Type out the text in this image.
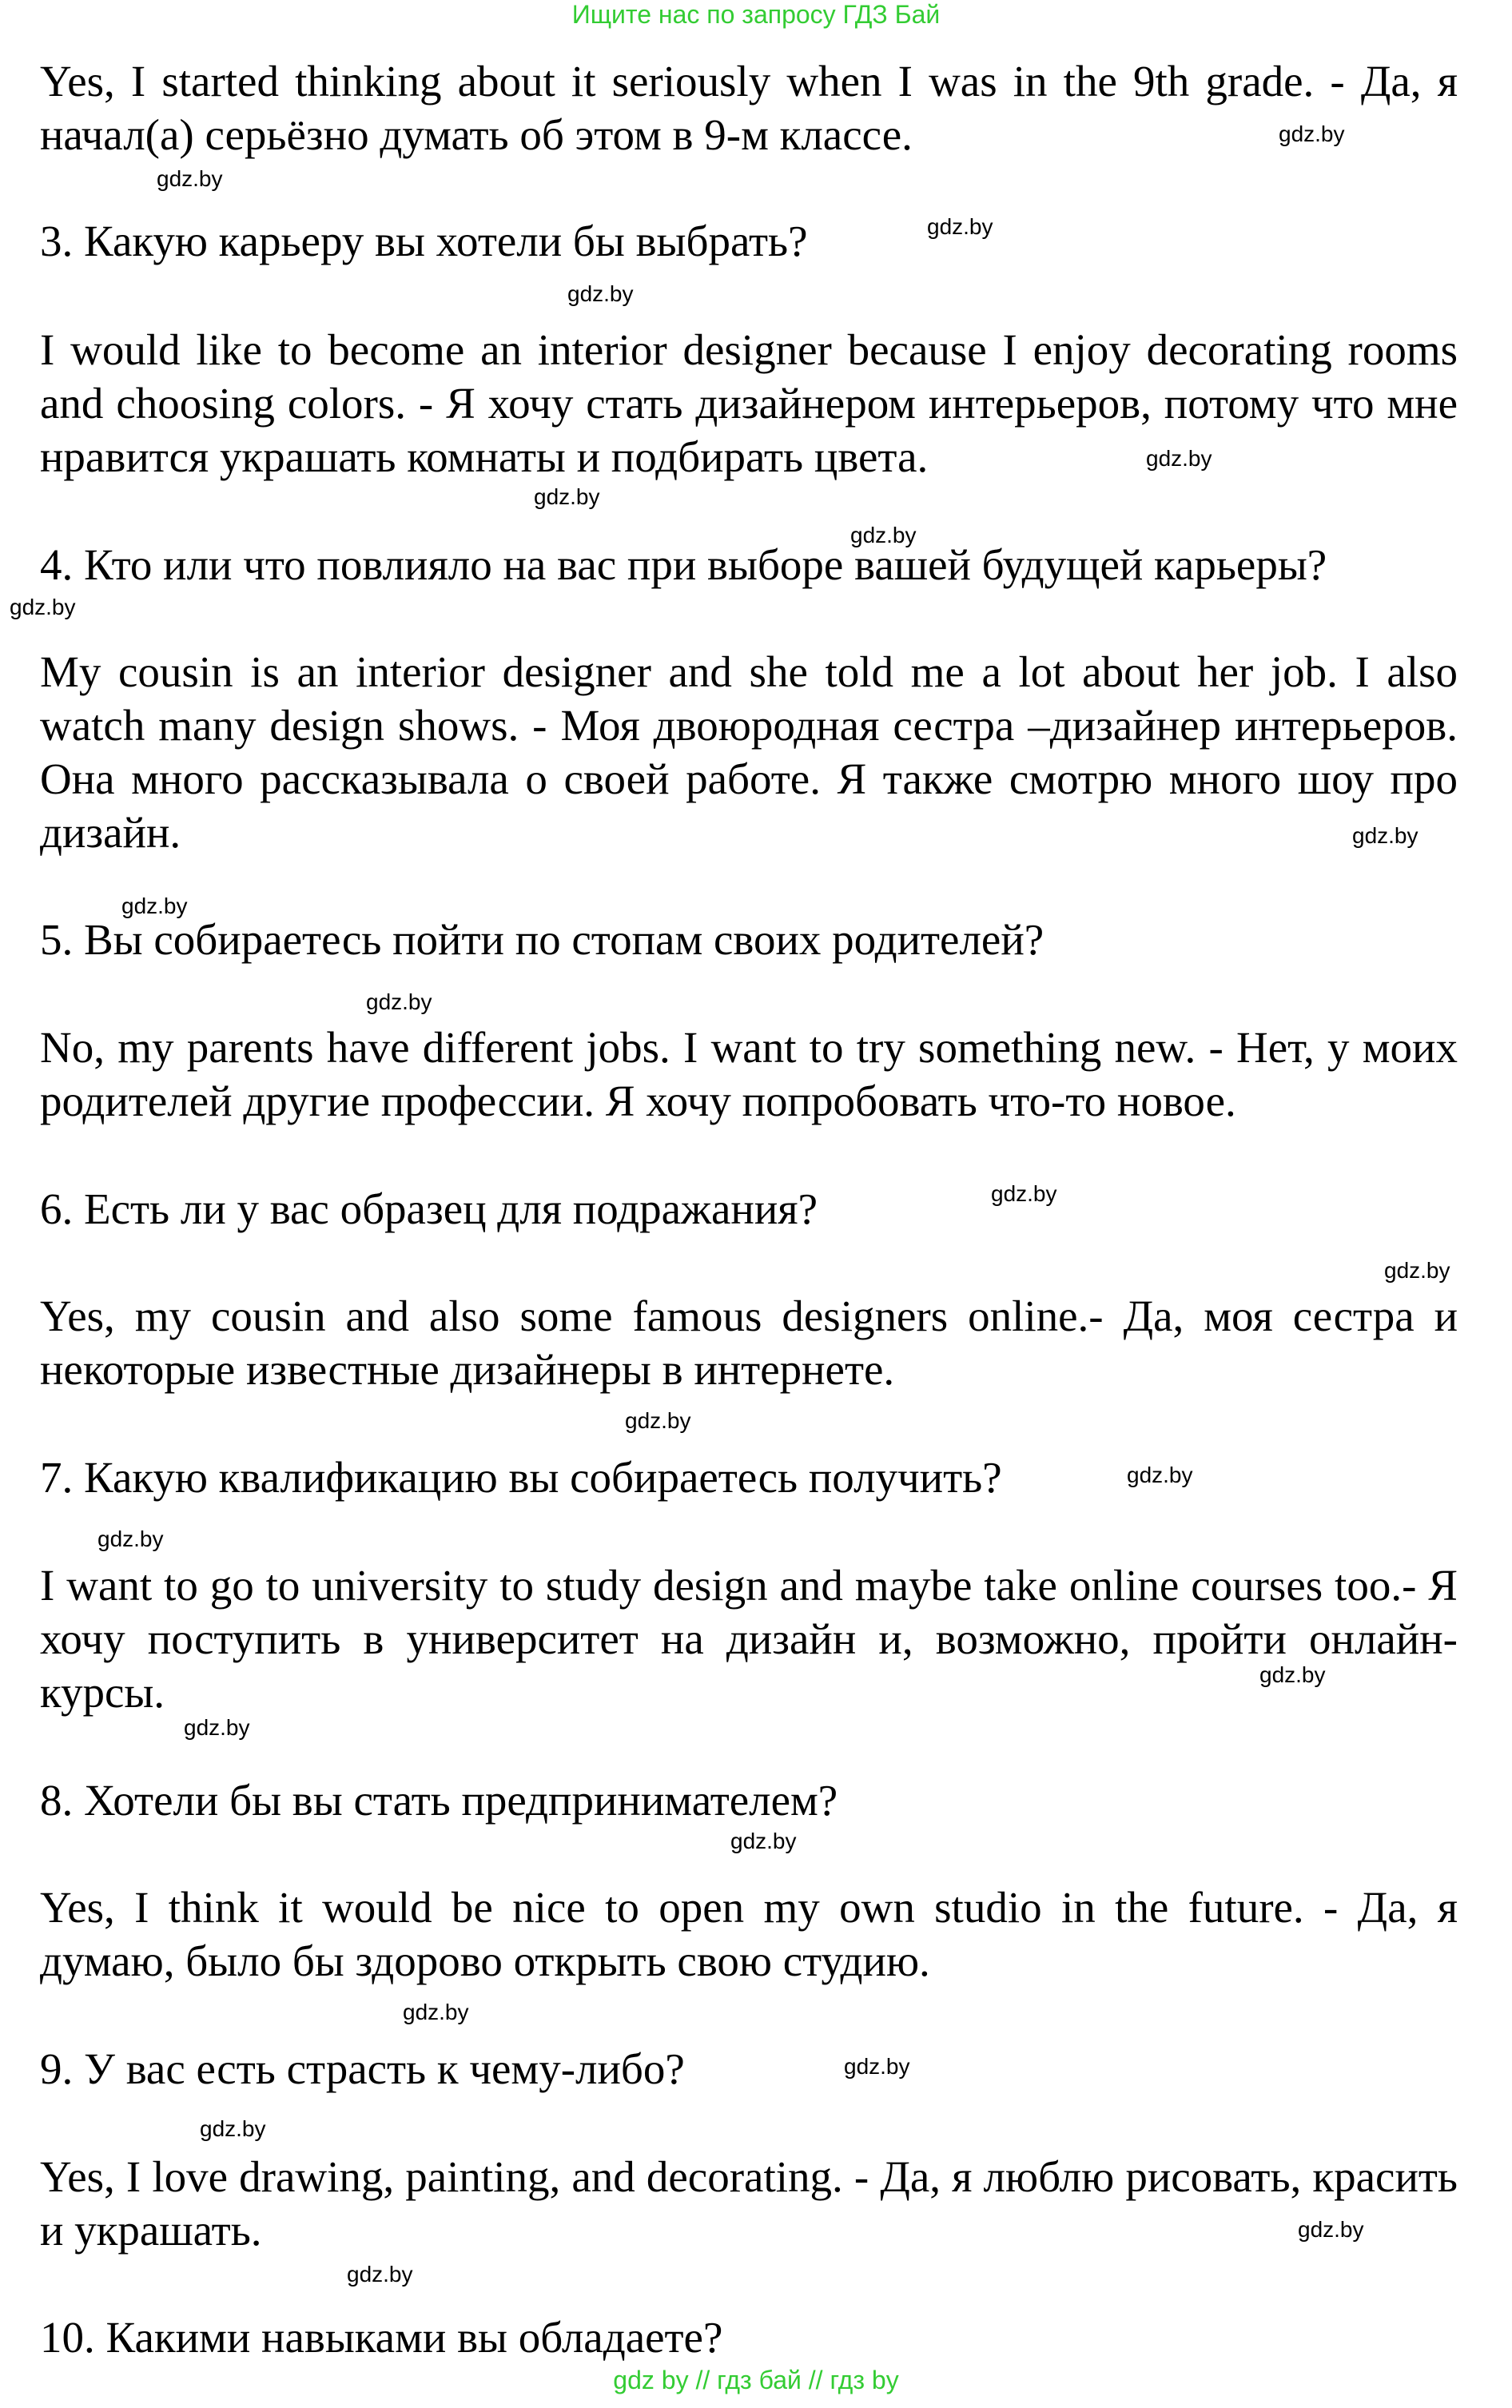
Ищите нас по запросу ГДЗ Бай

Yes, I started thinking about it seriously when I was in the 9th grade. - Да, я начал(а) серьёзно думать об этом в 9-м классе.

3. Какую карьеру вы хотели бы выбрать?

I would like to become an interior designer because I enjoy decorating rooms and choosing colors. - Я хочу стать дизайнером интерьеров, потому что мне нравится украшать комнаты и подбирать цвета.

4. Кто или что повлияло на вас при выборе вашей будущей карьеры?

My cousin is an interior designer and she told me a lot about her job. I also watch many design shows. - Моя двоюродная сестра –дизайнер интерьеров. Она много рассказывала о своей работе. Я также смотрю много шоу про дизайн.

5. Вы собираетесь пойти по стопам своих родителей?

No, my parents have different jobs. I want to try something new. - Нет, у моих родителей другие профессии. Я хочу попробовать что-то новое.

6. Есть ли у вас образец для подражания?

Yes, my cousin and also some famous designers online.- Да, моя сестра и некоторые известные дизайнеры в интернете.

7. Какую квалификацию вы собираетесь получить?

I want to go to university to study design and maybe take online courses too.- Я хочу поступить в университет на дизайн и, возможно, пройти онлайн-курсы.

8. Хотели бы вы стать предпринимателем?

Yes, I think it would be nice to open my own studio in the future. - Да, я думаю, было бы здорово открыть свою студию.

9. У вас есть страсть к чему-либо?

Yes, I love drawing, painting, and decorating. - Да, я люблю рисовать, красить и украшать.

10. Какими навыками вы обладаете?

gdz.by
gdz.by
gdz.by
gdz.by
gdz.by
gdz.by
gdz.by
gdz.by
gdz.by
gdz.by
gdz.by
gdz.by
gdz.by
gdz.by
gdz.by
gdz.by
gdz.by
gdz.by
gdz.by
gdz.by
gdz.by
gdz.by
gdz.by
gdz.by
gdz by // гдз бай // гдз by
